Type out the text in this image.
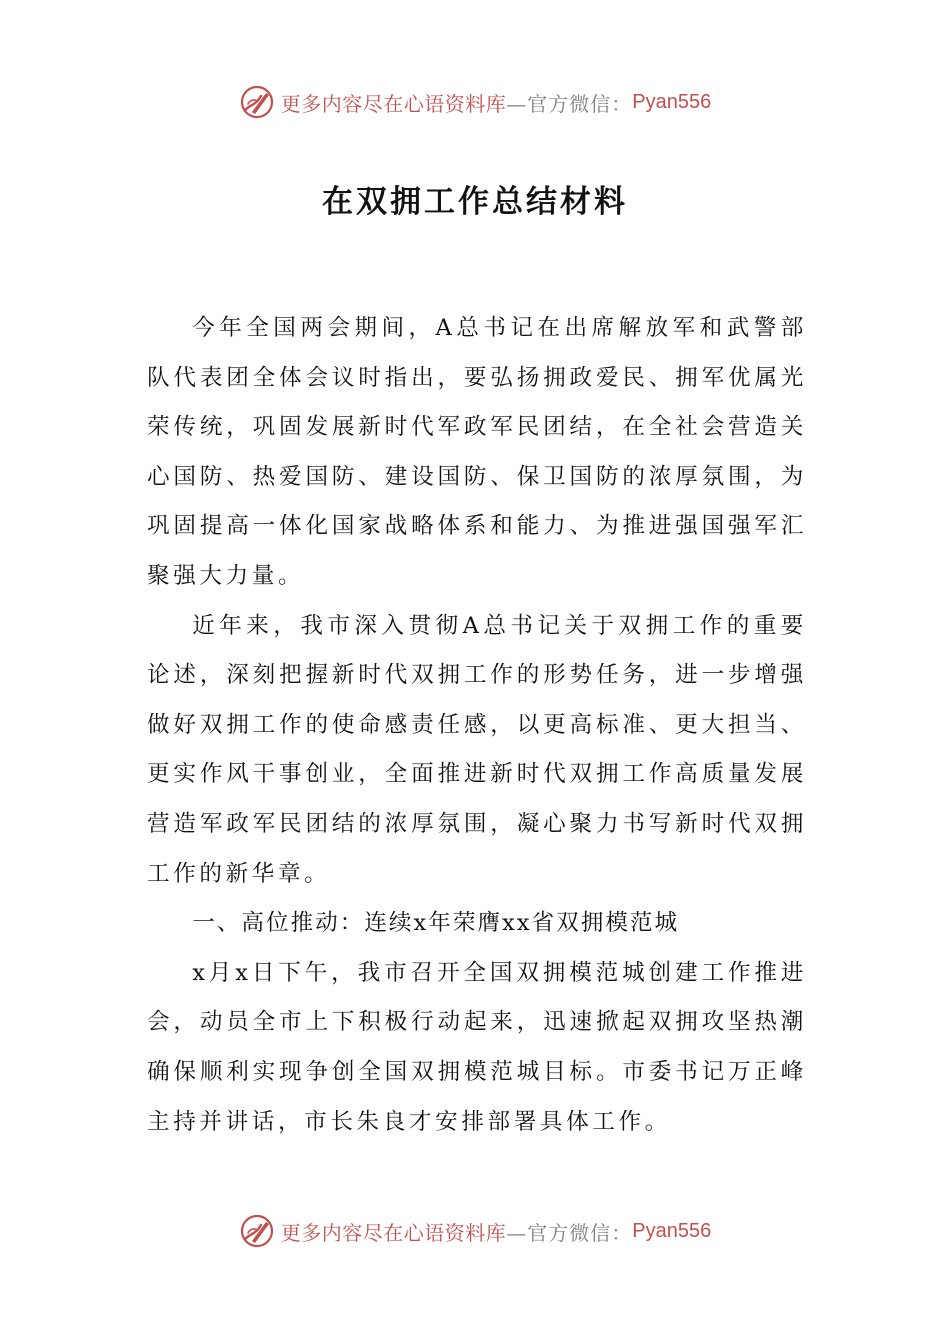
更多内容尽在心语资料库 —官方微信： Pyan556
在双拥工作总结材料

今年全国两会期间，A总书记在出席解放军和武警部队代表团全体会议时指出，要弘扬拥政爱民、拥军优属光荣传统，巩固发展新时代军政军民团结，在全社会营造关心国防、热爱国防、建设国防、保卫国防的浓厚氛围，为巩固提高一体化国家战略体系和能力、为推进强国强军汇聚强大力量。

近年来，我市深入贯彻A总书记关于双拥工作的重要论述，深刻把握新时代双拥工作的形势任务，进一步增强做好双拥工作的使命感责任感，以更高标准、更大担当、更实作风干事创业，全面推进新时代双拥工作高质量发展营造军政军民团结的浓厚氛围，凝心聚力书写新时代双拥工作的新华章。

一、高位推动：连续x年荣膺xx省双拥模范城

x月x日下午，我市召开全国双拥模范城创建工作推进会，动员全市上下积极行动起来，迅速掀起双拥攻坚热潮确保顺利实现争创全国双拥模范城目标。市委书记万正峰主持并讲话，市长朱良才安排部署具体工作。

更多内容尽在心语资料库 —官方微信： Pyan556
